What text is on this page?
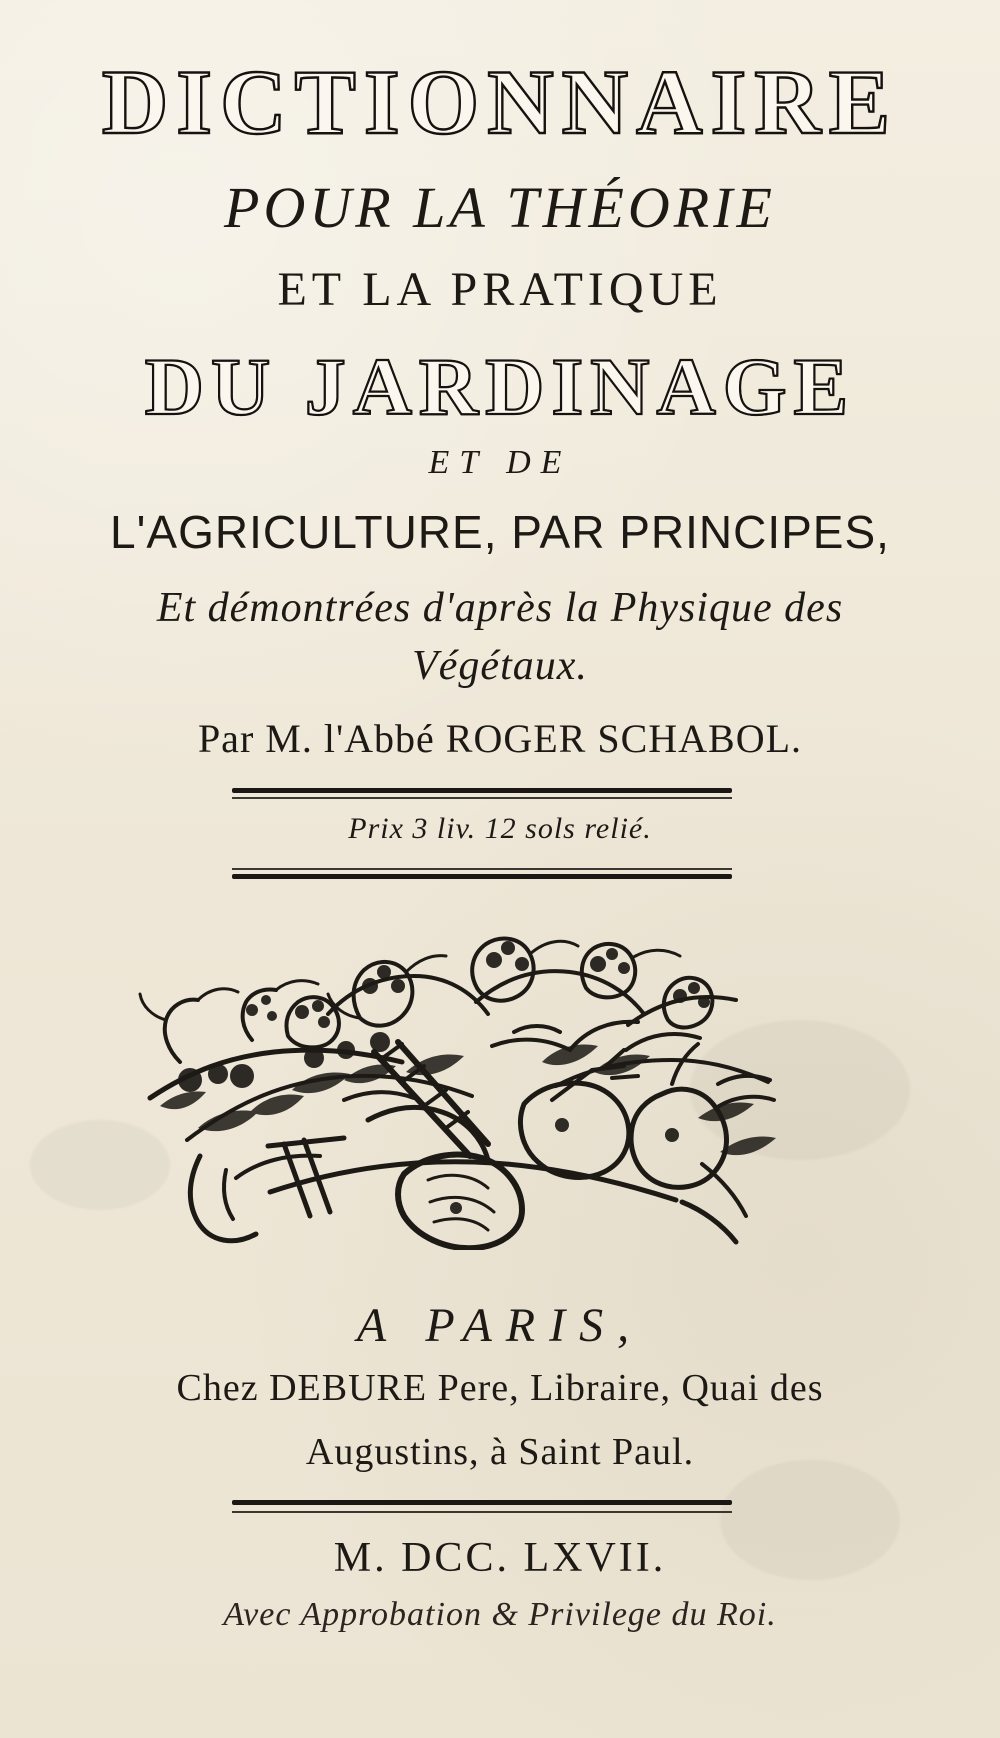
DICTIONNAIRE
POUR LA THÉORIE
ET LA PRATIQUE
DU JARDINAGE
ET DE
L'AGRICULTURE, PAR PRINCIPES,
Et démontrées d'après la Physique des
Végétaux.
Par M. l'Abbé ROGER SCHABOL.
Prix 3 liv. 12 sols relié.
A PARIS,
Chez DEBURE Pere, Libraire, Quai des
Augustins, à Saint Paul.
M. DCC. LXVII.
Avec Approbation & Privilege du Roi.
